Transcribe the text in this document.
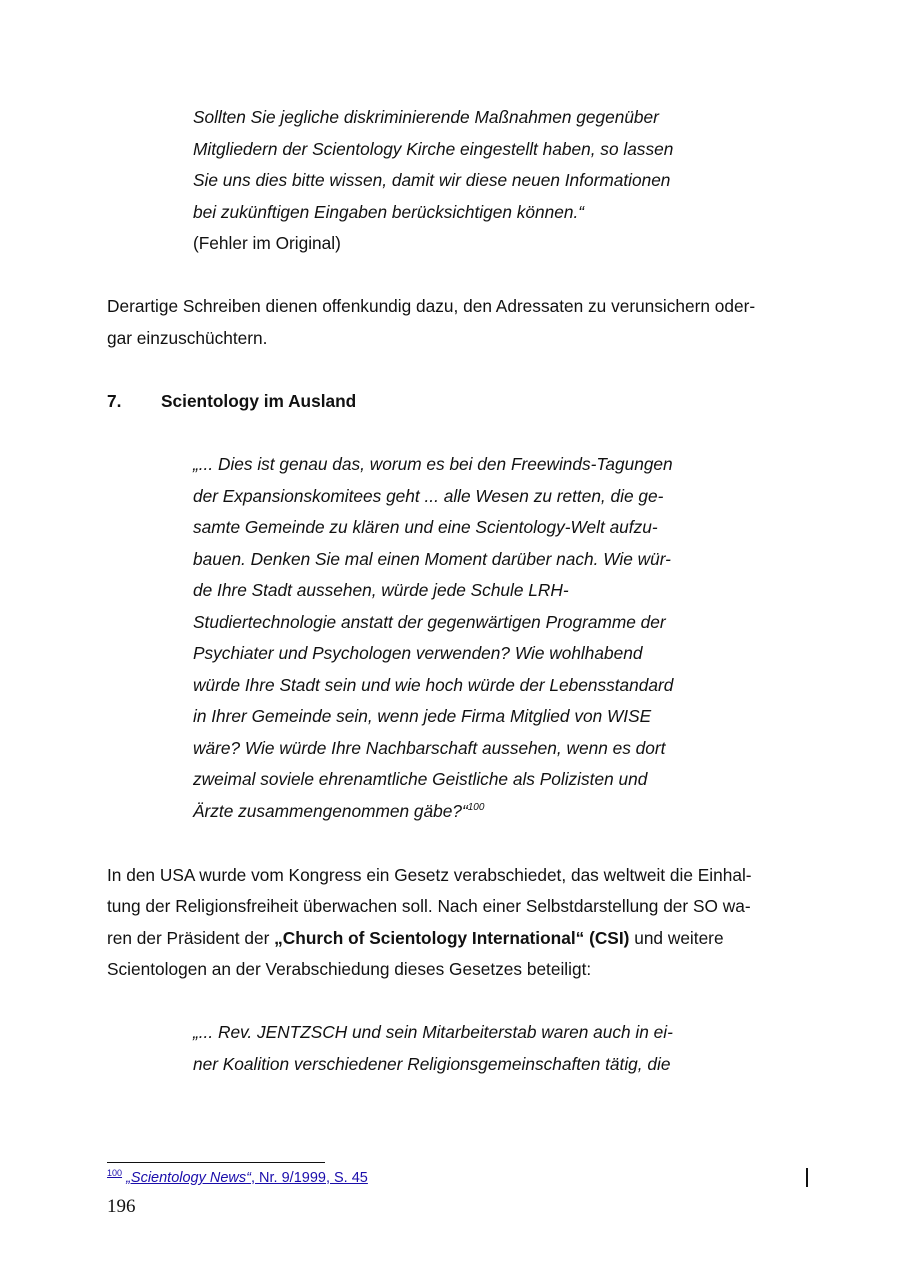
Sollten Sie jegliche diskriminierende Maßnahmen gegenüber
Mitgliedern der Scientology Kirche eingestellt haben, so lassen
Sie uns dies bitte wissen, damit wir diese neuen Informationen
bei zukünftigen Eingaben berücksichtigen können.“
(Fehler im Original)
Derartige Schreiben dienen offenkundig dazu, den Adressaten zu verunsichern oder-
gar einzuschüchtern.
7. Scientology im Ausland
„... Dies ist genau das, worum es bei den Freewinds-Tagungen
der Expansionskomitees geht ... alle Wesen zu retten, die ge-
samte Gemeinde zu klären und eine Scientology-Welt aufzu-
bauen. Denken Sie mal einen Moment darüber nach. Wie wür-
de Ihre Stadt aussehen, würde jede Schule LRH-
Studiertechnologie anstatt der gegenwärtigen Programme der
Psychiater und Psychologen verwenden? Wie wohlhabend
würde Ihre Stadt sein und wie hoch würde der Lebensstandard
in Ihrer Gemeinde sein, wenn jede Firma Mitglied von WISE
wäre? Wie würde Ihre Nachbarschaft aussehen, wenn es dort
zweimal soviele ehrenamtliche Geistliche als Polizisten und
Ärzte zusammengenommen gäbe?“$^{100}$
In den USA wurde vom Kongress ein Gesetz verabschiedet, das weltweit die Einhal-
tung der Religionsfreiheit überwachen soll. Nach einer Selbstdarstellung der SO wa-
ren der Präsident der „Church of Scientology International“ (CSI) und weitere
Scientologen an der Verabschiedung dieses Gesetzes beteiligt:
„... Rev. JENTZSCH und sein Mitarbeiterstab waren auch in ei-
ner Koalition verschiedener Religionsgemeinschaften tätig, die
$^{100}$ „Scientology News“, Nr. 9/1999, S. 45
196
